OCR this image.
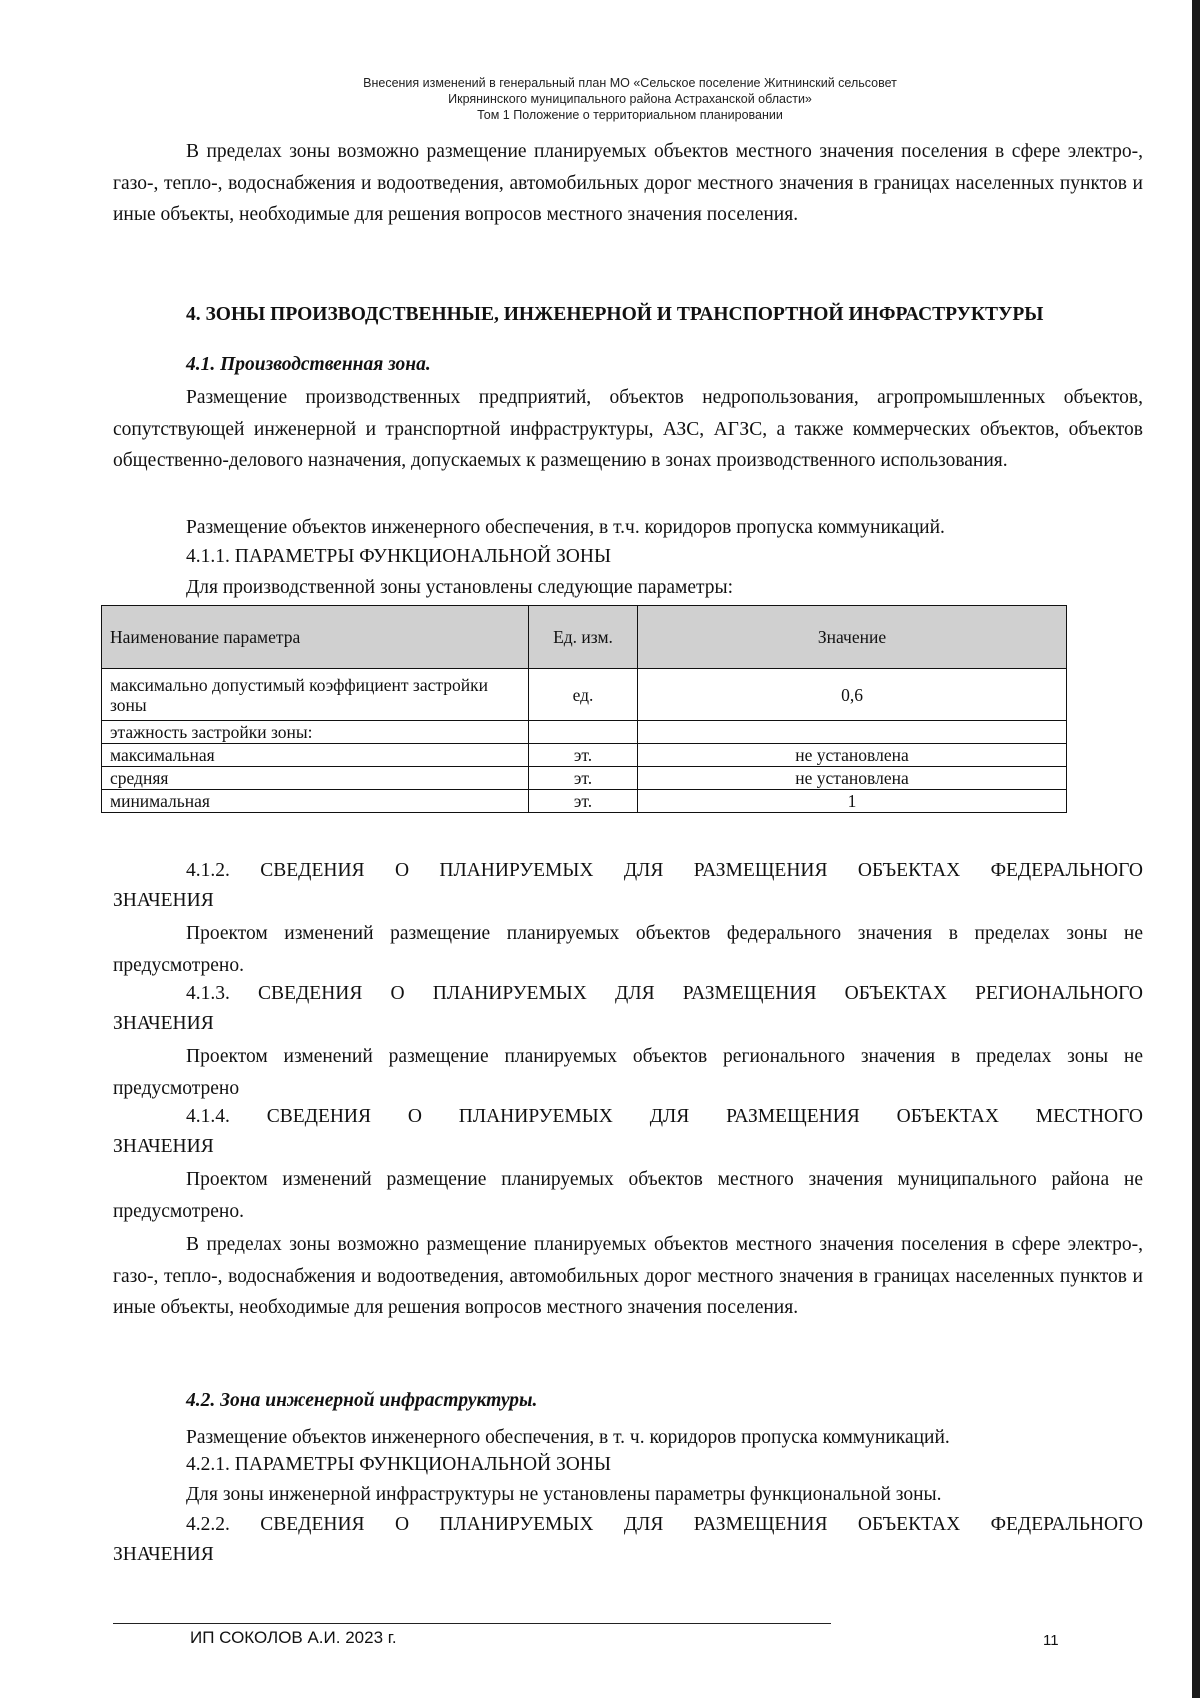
Внесения изменений в генеральный план МО «Сельское поселение Житнинский сельсовет
Икрянинского муниципального района Астраханской области»
Том 1 Положение о территориальном планировании
В пределах зоны возможно размещение планируемых объектов местного значения поселения в сфере электро-, газо-, тепло-, водоснабжения и водоотведения, автомобильных дорог местного значения в границах населенных пунктов и иные объекты, необходимые для решения вопросов местного значения поселения.
4. ЗОНЫ ПРОИЗВОДСТВЕННЫЕ, ИНЖЕНЕРНОЙ И ТРАНСПОРТНОЙ ИНФРАСТРУКТУРЫ
4.1. Производственная зона.
Размещение производственных предприятий, объектов недропользования, агропромышленных объектов, сопутствующей инженерной и транспортной инфраструктуры, АЗС, АГЗС, а также коммерческих объектов, объектов общественно-делового назначения, допускаемых к размещению в зонах производственного использования.
Размещение объектов инженерного обеспечения, в т.ч. коридоров пропуска коммуникаций.
4.1.1. ПАРАМЕТРЫ ФУНКЦИОНАЛЬНОЙ ЗОНЫ
Для производственной зоны установлены следующие параметры:
Наименование параметра	Ед. изм.	Значение
максимально допустимый коэффициент застройки зоны	ед.	0,6
этажность застройки зоны:		
максимальная	эт.	не установлена
средняя	эт.	не установлена
минимальная	эт.	1
4.1.2. СВЕДЕНИЯ О ПЛАНИРУЕМЫХ ДЛЯ РАЗМЕЩЕНИЯ ОБЪЕКТАХ ФЕДЕРАЛЬНОГО
ЗНАЧЕНИЯ
Проектом изменений размещение планируемых объектов федерального значения в пределах зоны не предусмотрено.
4.1.3. СВЕДЕНИЯ О ПЛАНИРУЕМЫХ ДЛЯ РАЗМЕЩЕНИЯ ОБЪЕКТАХ РЕГИОНАЛЬНОГО
ЗНАЧЕНИЯ
Проектом изменений размещение планируемых объектов регионального значения в пределах зоны не предусмотрено
4.1.4. СВЕДЕНИЯ О ПЛАНИРУЕМЫХ ДЛЯ РАЗМЕЩЕНИЯ ОБЪЕКТАХ МЕСТНОГО
ЗНАЧЕНИЯ
Проектом изменений размещение планируемых объектов местного значения муниципального района не предусмотрено.
В пределах зоны возможно размещение планируемых объектов местного значения поселения в сфере электро-, газо-, тепло-, водоснабжения и водоотведения, автомобильных дорог местного значения в границах населенных пунктов и иные объекты, необходимые для решения вопросов местного значения поселения.
4.2. Зона инженерной инфраструктуры.
Размещение объектов инженерного обеспечения, в т. ч. коридоров пропуска коммуникаций.
4.2.1. ПАРАМЕТРЫ ФУНКЦИОНАЛЬНОЙ ЗОНЫ
Для зоны инженерной инфраструктуры не установлены параметры функциональной зоны.
4.2.2. СВЕДЕНИЯ О ПЛАНИРУЕМЫХ ДЛЯ РАЗМЕЩЕНИЯ ОБЪЕКТАХ ФЕДЕРАЛЬНОГО
ЗНАЧЕНИЯ
ИП СОКОЛОВ А.И. 2023 г.	11
